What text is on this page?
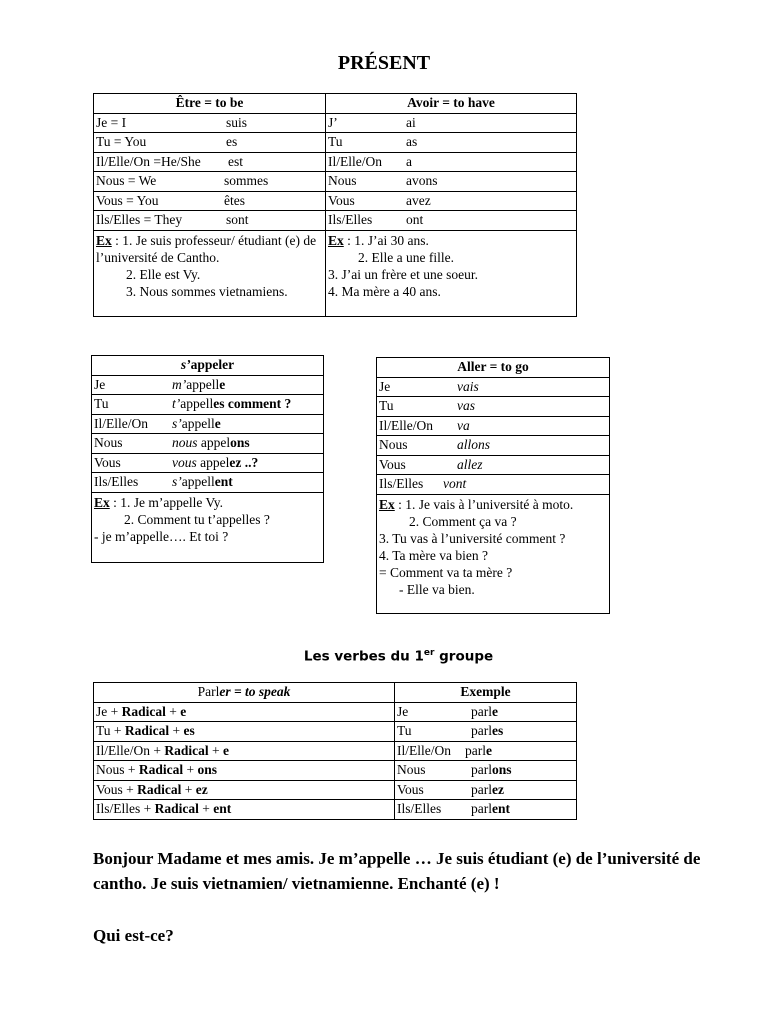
PRÉSENT
Être = to be	Avoir = to have
Je = I suis	J’ ai
Tu = You es	Tu as
Il/Elle/On =He/She est	Il/Elle/On a
Nous = We sommes	Nous avons
Vous = You êtes	Vous avez
Ils/Elles = They sont	Ils/Elles ont
Ex : 1. Je suis professeur/ étudiant (e) de l’université de Cantho.
2. Elle est Vy.
3. Nous sommes vietnamiens.	Ex : 1. J’ai 30 ans.
2. Elle a une fille.
3. J’ai un frère et une soeur.
4. Ma mère a 40 ans.
s’appeler
Je	m’appelle
Tu	t’appelles comment ?
Il/Elle/On s’appelle
Nous	nous appelons
Vous	vous appelez ..?
Ils/Elles	s’appellent
Ex : 1. Je m’appelle Vy.
2. Comment tu t’appelles ?
- je m’appelle…. Et toi ?
Aller = to go
Je	vais
Tu	vas
Il/Elle/On va
Nous	allons
Vous	allez
Ils/Elles vont
Ex : 1. Je vais à l’université à moto.
2. Comment ça va ?
3. Tu vas à l’université comment ?
4. Ta mère va bien ?
= Comment va ta mère ?
- Elle va bien.
Les verbes du 1er groupe
Parler = to speak	Exemple
Je + Radical + e	Je parle
Tu + Radical + es	Tu parles
Il/Elle/On + Radical + e	Il/Elle/On parle
Nous + Radical + ons	Nous parlons
Vous + Radical + ez	Vous parlez
Ils/Elles + Radical + ent	Ils/Elles parlent
Bonjour Madame et mes amis. Je m’appelle … Je suis étudiant (e) de l’université de cantho. Je suis vietnamien/ vietnamienne. Enchanté (e) !
Qui est-ce?
